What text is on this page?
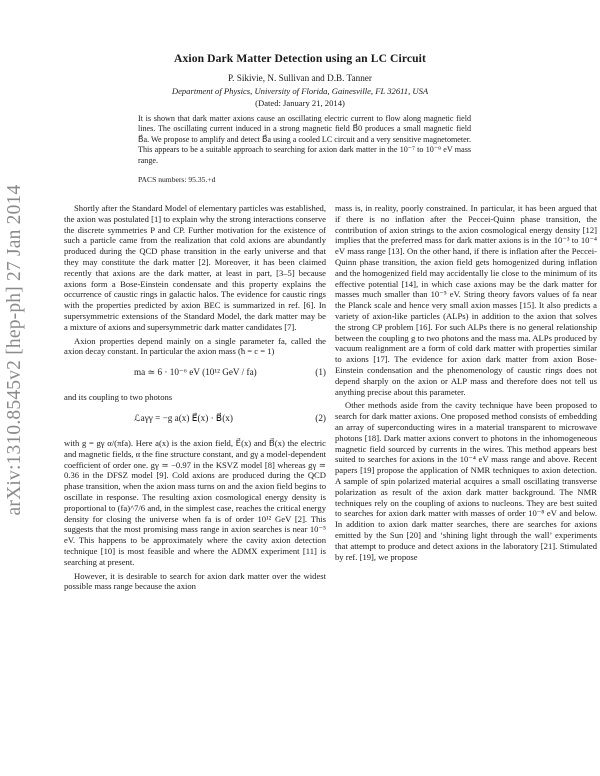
arXiv:1310.8545v2 [hep-ph] 27 Jan 2014
Axion Dark Matter Detection using an LC Circuit
P. Sikivie, N. Sullivan and D.B. Tanner
Department of Physics, University of Florida, Gainesville, FL 32611, USA
(Dated: January 21, 2014)
It is shown that dark matter axions cause an oscillating electric current to flow along magnetic field lines. The oscillating current induced in a strong magnetic field B⃗0 produces a small magnetic field B⃗a. We propose to amplify and detect B⃗a using a cooled LC circuit and a very sensitive magnetometer. This appears to be a suitable approach to searching for axion dark matter in the 10⁻⁷ to 10⁻⁹ eV mass range.
PACS numbers: 95.35.+d

Shortly after the Standard Model of elementary particles was established, the axion was postulated [1] to explain why the strong interactions conserve the discrete symmetries P and CP. Further motivation for the existence of such a particle came from the realization that cold axions are abundantly produced during the QCD phase transition in the early universe and that they may constitute the dark matter [2]. Moreover, it has been claimed recently that axions are the dark matter, at least in part, [3–5] because axions form a Bose-Einstein condensate and this property explains the occurrence of caustic rings in galactic halos. The evidence for caustic rings with the properties predicted by axion BEC is summarized in ref. [6]. In supersymmetric extensions of the Standard Model, the dark matter may be a mixture of axions and supersymmetric dark matter candidates [7].

Axion properties depend mainly on a single parameter fa, called the axion decay constant. In particular the axion mass (ħ = c = 1)

ma ≃ 6 · 10⁻⁶ eV (10¹² GeV / fa)	(1)

and its coupling to two photons

ℒaγγ = −g a(x) E⃗(x) · B⃗(x)	(2)

with g = gγ α/(πfa). Here a(x) is the axion field, E⃗(x) and B⃗(x) the electric and magnetic fields, α the fine structure constant, and gγ a model-dependent coefficient of order one. gγ ≃ −0.97 in the KSVZ model [8] whereas gγ ≃ 0.36 in the DFSZ model [9]. Cold axions are produced during the QCD phase transition, when the axion mass turns on and the axion field begins to oscillate in response. The resulting axion cosmological energy density is proportional to (fa)^7/6 and, in the simplest case, reaches the critical energy density for closing the universe when fa is of order 10¹² GeV [2]. This suggests that the most promising mass range in axion searches is near 10⁻⁵ eV. This happens to be approximately where the cavity axion detection technique [10] is most feasible and where the ADMX experiment [11] is searching at present.

However, it is desirable to search for axion dark matter over the widest possible mass range because the axion

mass is, in reality, poorly constrained. In particular, it has been argued that if there is no inflation after the Peccei-Quinn phase transition, the contribution of axion strings to the axion cosmological energy density [12] implies that the preferred mass for dark matter axions is in the 10⁻³ to 10⁻⁴ eV mass range [13]. On the other hand, if there is inflation after the Peccei-Quinn phase transition, the axion field gets homogenized during inflation and the homogenized field may accidentally lie close to the minimum of its effective potential [14], in which case axions may be the dark matter for masses much smaller than 10⁻⁵ eV. String theory favors values of fa near the Planck scale and hence very small axion masses [15]. It also predicts a variety of axion-like particles (ALPs) in addition to the axion that solves the strong CP problem [16]. For such ALPs there is no general relationship between the coupling g to two photons and the mass ma. ALPs produced by vacuum realignment are a form of cold dark matter with properties similar to axions [17]. The evidence for axion dark matter from axion Bose-Einstein condensation and the phenomenology of caustic rings does not depend sharply on the axion or ALP mass and therefore does not tell us anything precise about this parameter.

Other methods aside from the cavity technique have been proposed to search for dark matter axions. One proposed method consists of embedding an array of superconducting wires in a material transparent to microwave photons [18]. Dark matter axions convert to photons in the inhomogeneous magnetic field sourced by currents in the wires. This method appears best suited to searches for axions in the 10⁻⁴ eV mass range and above. Recent papers [19] propose the application of NMR techniques to axion detection. A sample of spin polarized material acquires a small oscillating transverse polarization as result of the axion dark matter background. The NMR techniques rely on the coupling of axions to nucleons. They are best suited to searches for axion dark matter with masses of order 10⁻⁸ eV and below. In addition to axion dark matter searches, there are searches for axions emitted by the Sun [20] and ‘shining light through the wall’ experiments that attempt to produce and detect axions in the laboratory [21]. Stimulated by ref. [19], we propose
